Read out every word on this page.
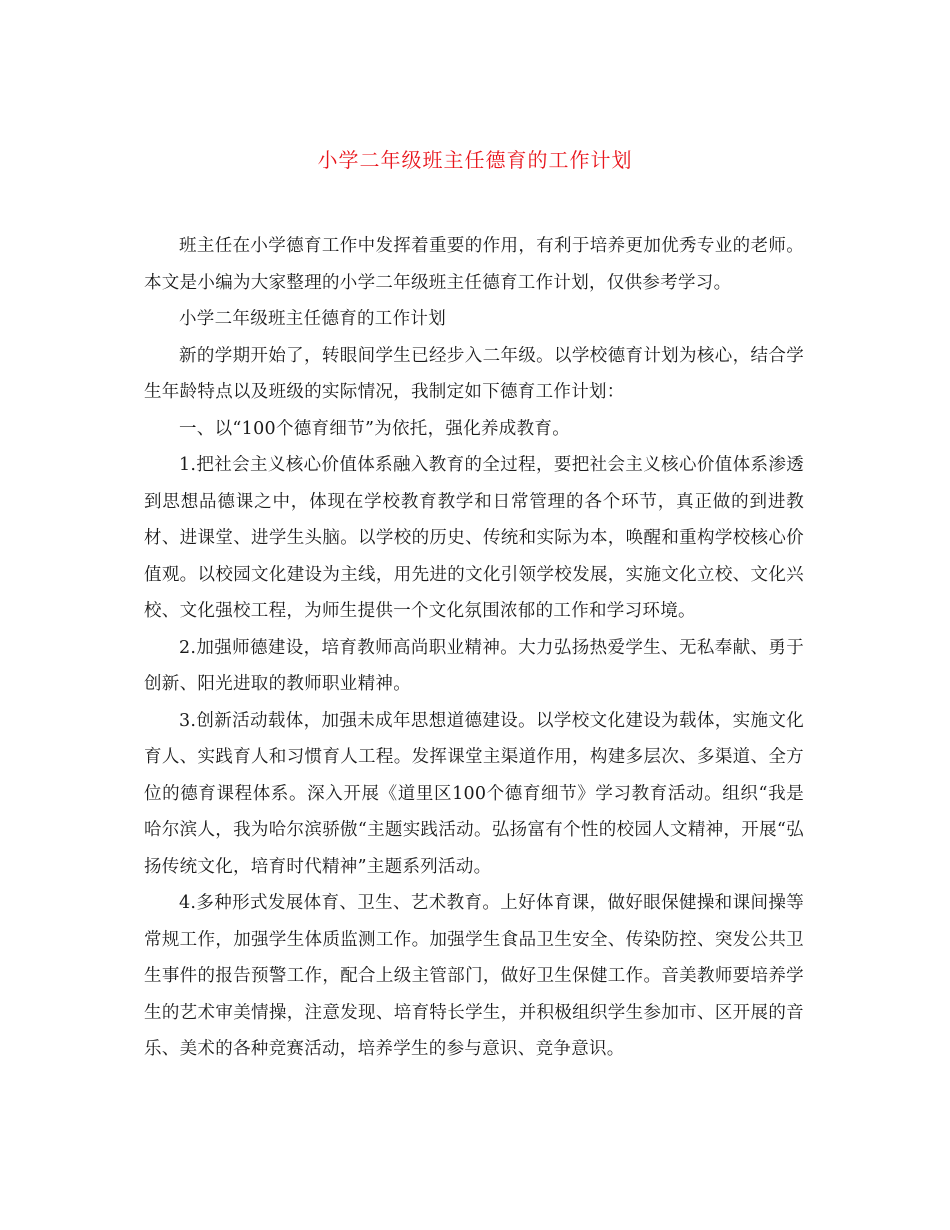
小学二年级班主任德育的工作计划

班主任在小学德育工作中发挥着重要的作用，有利于培养更加优秀专业的老师。本文是小编为大家整理的小学二年级班主任德育工作计划，仅供参考学习。

小学二年级班主任德育的工作计划

新的学期开始了，转眼间学生已经步入二年级。以学校德育计划为核心，结合学生年龄特点以及班级的实际情况，我制定如下德育工作计划：

一、以“100个德育细节”为依托，强化养成教育。

1.把社会主义核心价值体系融入教育的全过程，要把社会主义核心价值体系渗透到思想品德课之中，体现在学校教育教学和日常管理的各个环节，真正做的到进教材、进课堂、进学生头脑。以学校的历史、传统和实际为本，唤醒和重构学校核心价值观。以校园文化建设为主线，用先进的文化引领学校发展，实施文化立校、文化兴校、文化强校工程，为师生提供一个文化氛围浓郁的工作和学习环境。

2.加强师德建设，培育教师高尚职业精神。大力弘扬热爱学生、无私奉献、勇于创新、阳光进取的教师职业精神。

3.创新活动载体，加强未成年思想道德建设。以学校文化建设为载体，实施文化育人、实践育人和习惯育人工程。发挥课堂主渠道作用，构建多层次、多渠道、全方位的德育课程体系。深入开展《道里区100个德育细节》学习教育活动。组织“我是哈尔滨人，我为哈尔滨骄傲“主题实践活动。弘扬富有个性的校园人文精神，开展“弘扬传统文化，培育时代精神”主题系列活动。

4.多种形式发展体育、卫生、艺术教育。上好体育课，做好眼保健操和课间操等常规工作，加强学生体质监测工作。加强学生食品卫生安全、传染防控、突发公共卫生事件的报告预警工作，配合上级主管部门，做好卫生保健工作。音美教师要培养学生的艺术审美情操，注意发现、培育特长学生，并积极组织学生参加市、区开展的音乐、美术的各种竞赛活动，培养学生的参与意识、竞争意识。
